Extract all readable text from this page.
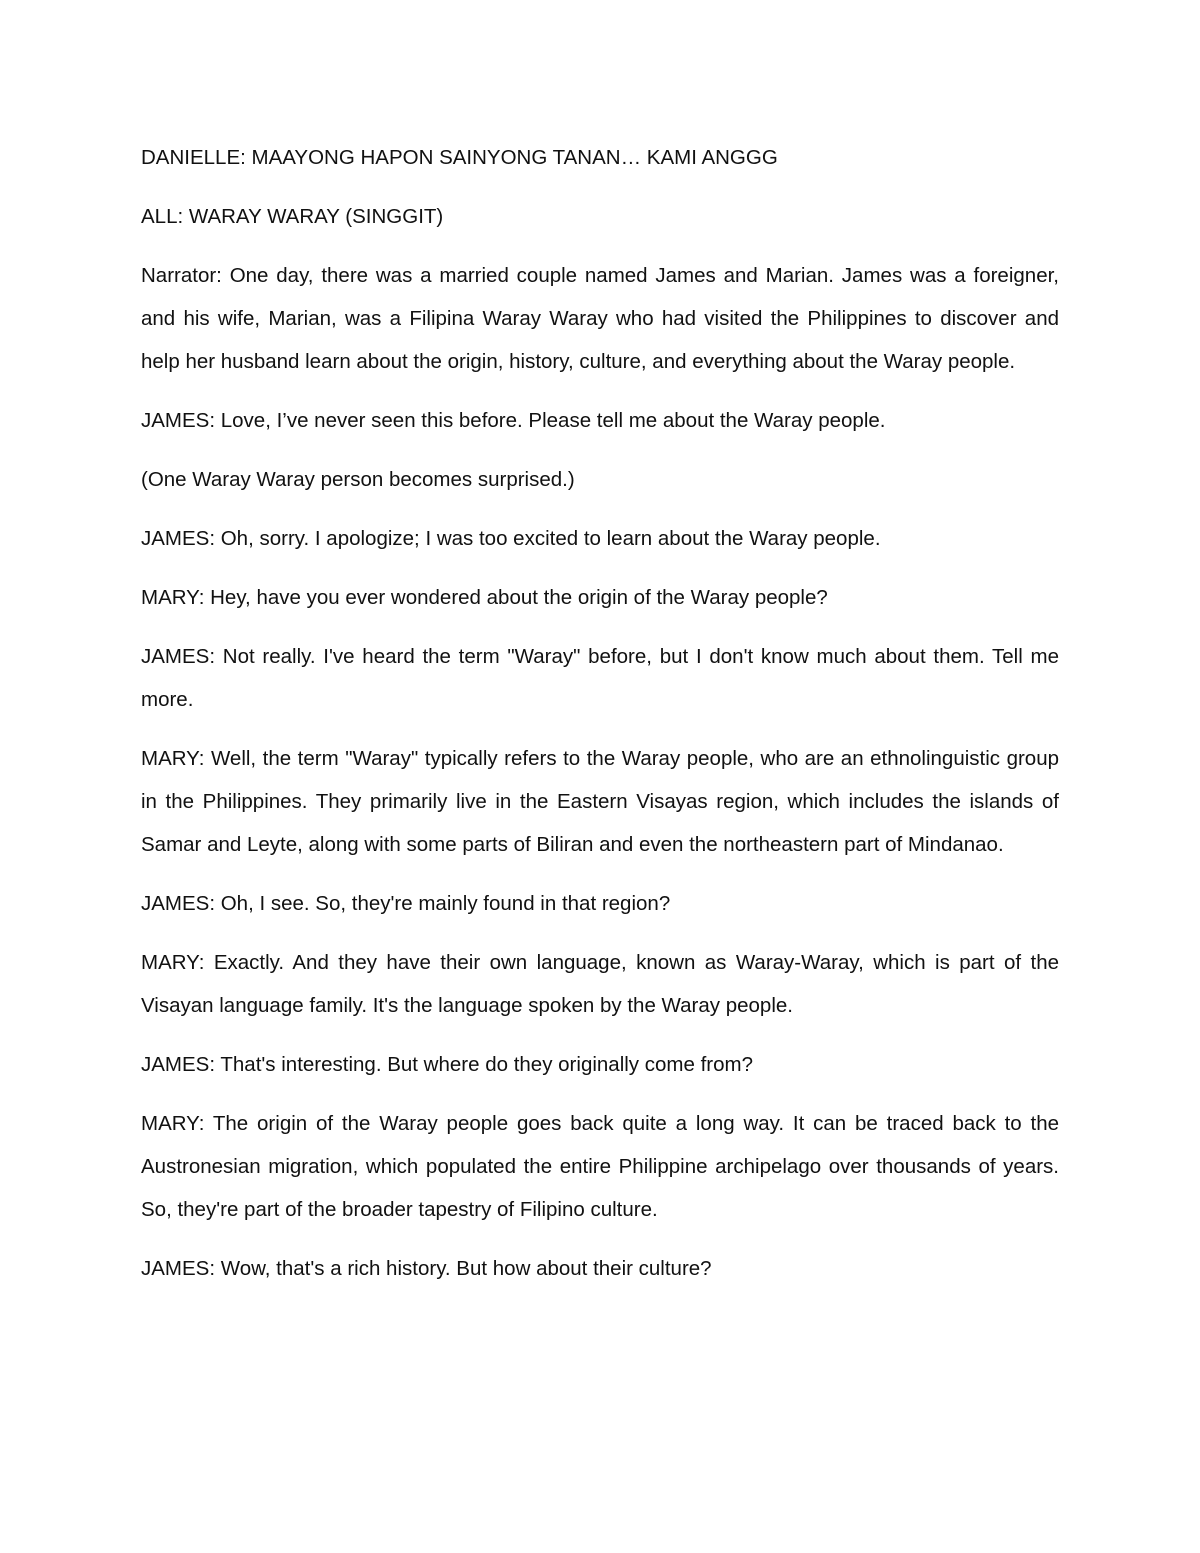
DANIELLE: MAAYONG HAPON SAINYONG TANAN… KAMI ANGGG

ALL: WARAY WARAY (SINGGIT)

Narrator: One day, there was a married couple named James and Marian. James was a foreigner, and his wife, Marian, was a Filipina Waray Waray who had visited the Philippines to discover and help her husband learn about the origin, history, culture, and everything about the Waray people.

JAMES: Love, I’ve never seen this before. Please tell me about the Waray people.

(One Waray Waray person becomes surprised.)

JAMES: Oh, sorry. I apologize; I was too excited to learn about the Waray people.

MARY: Hey, have you ever wondered about the origin of the Waray people?

JAMES: Not really. I've heard the term "Waray" before, but I don't know much about them. Tell me more.

MARY: Well, the term "Waray" typically refers to the Waray people, who are an ethnolinguistic group in the Philippines. They primarily live in the Eastern Visayas region, which includes the islands of Samar and Leyte, along with some parts of Biliran and even the northeastern part of Mindanao.

JAMES: Oh, I see. So, they're mainly found in that region?

MARY: Exactly. And they have their own language, known as Waray-Waray, which is part of the Visayan language family. It's the language spoken by the Waray people.

JAMES: That's interesting. But where do they originally come from?

MARY: The origin of the Waray people goes back quite a long way. It can be traced back to the Austronesian migration, which populated the entire Philippine archipelago over thousands of years. So, they're part of the broader tapestry of Filipino culture.

JAMES: Wow, that's a rich history. But how about their culture?
